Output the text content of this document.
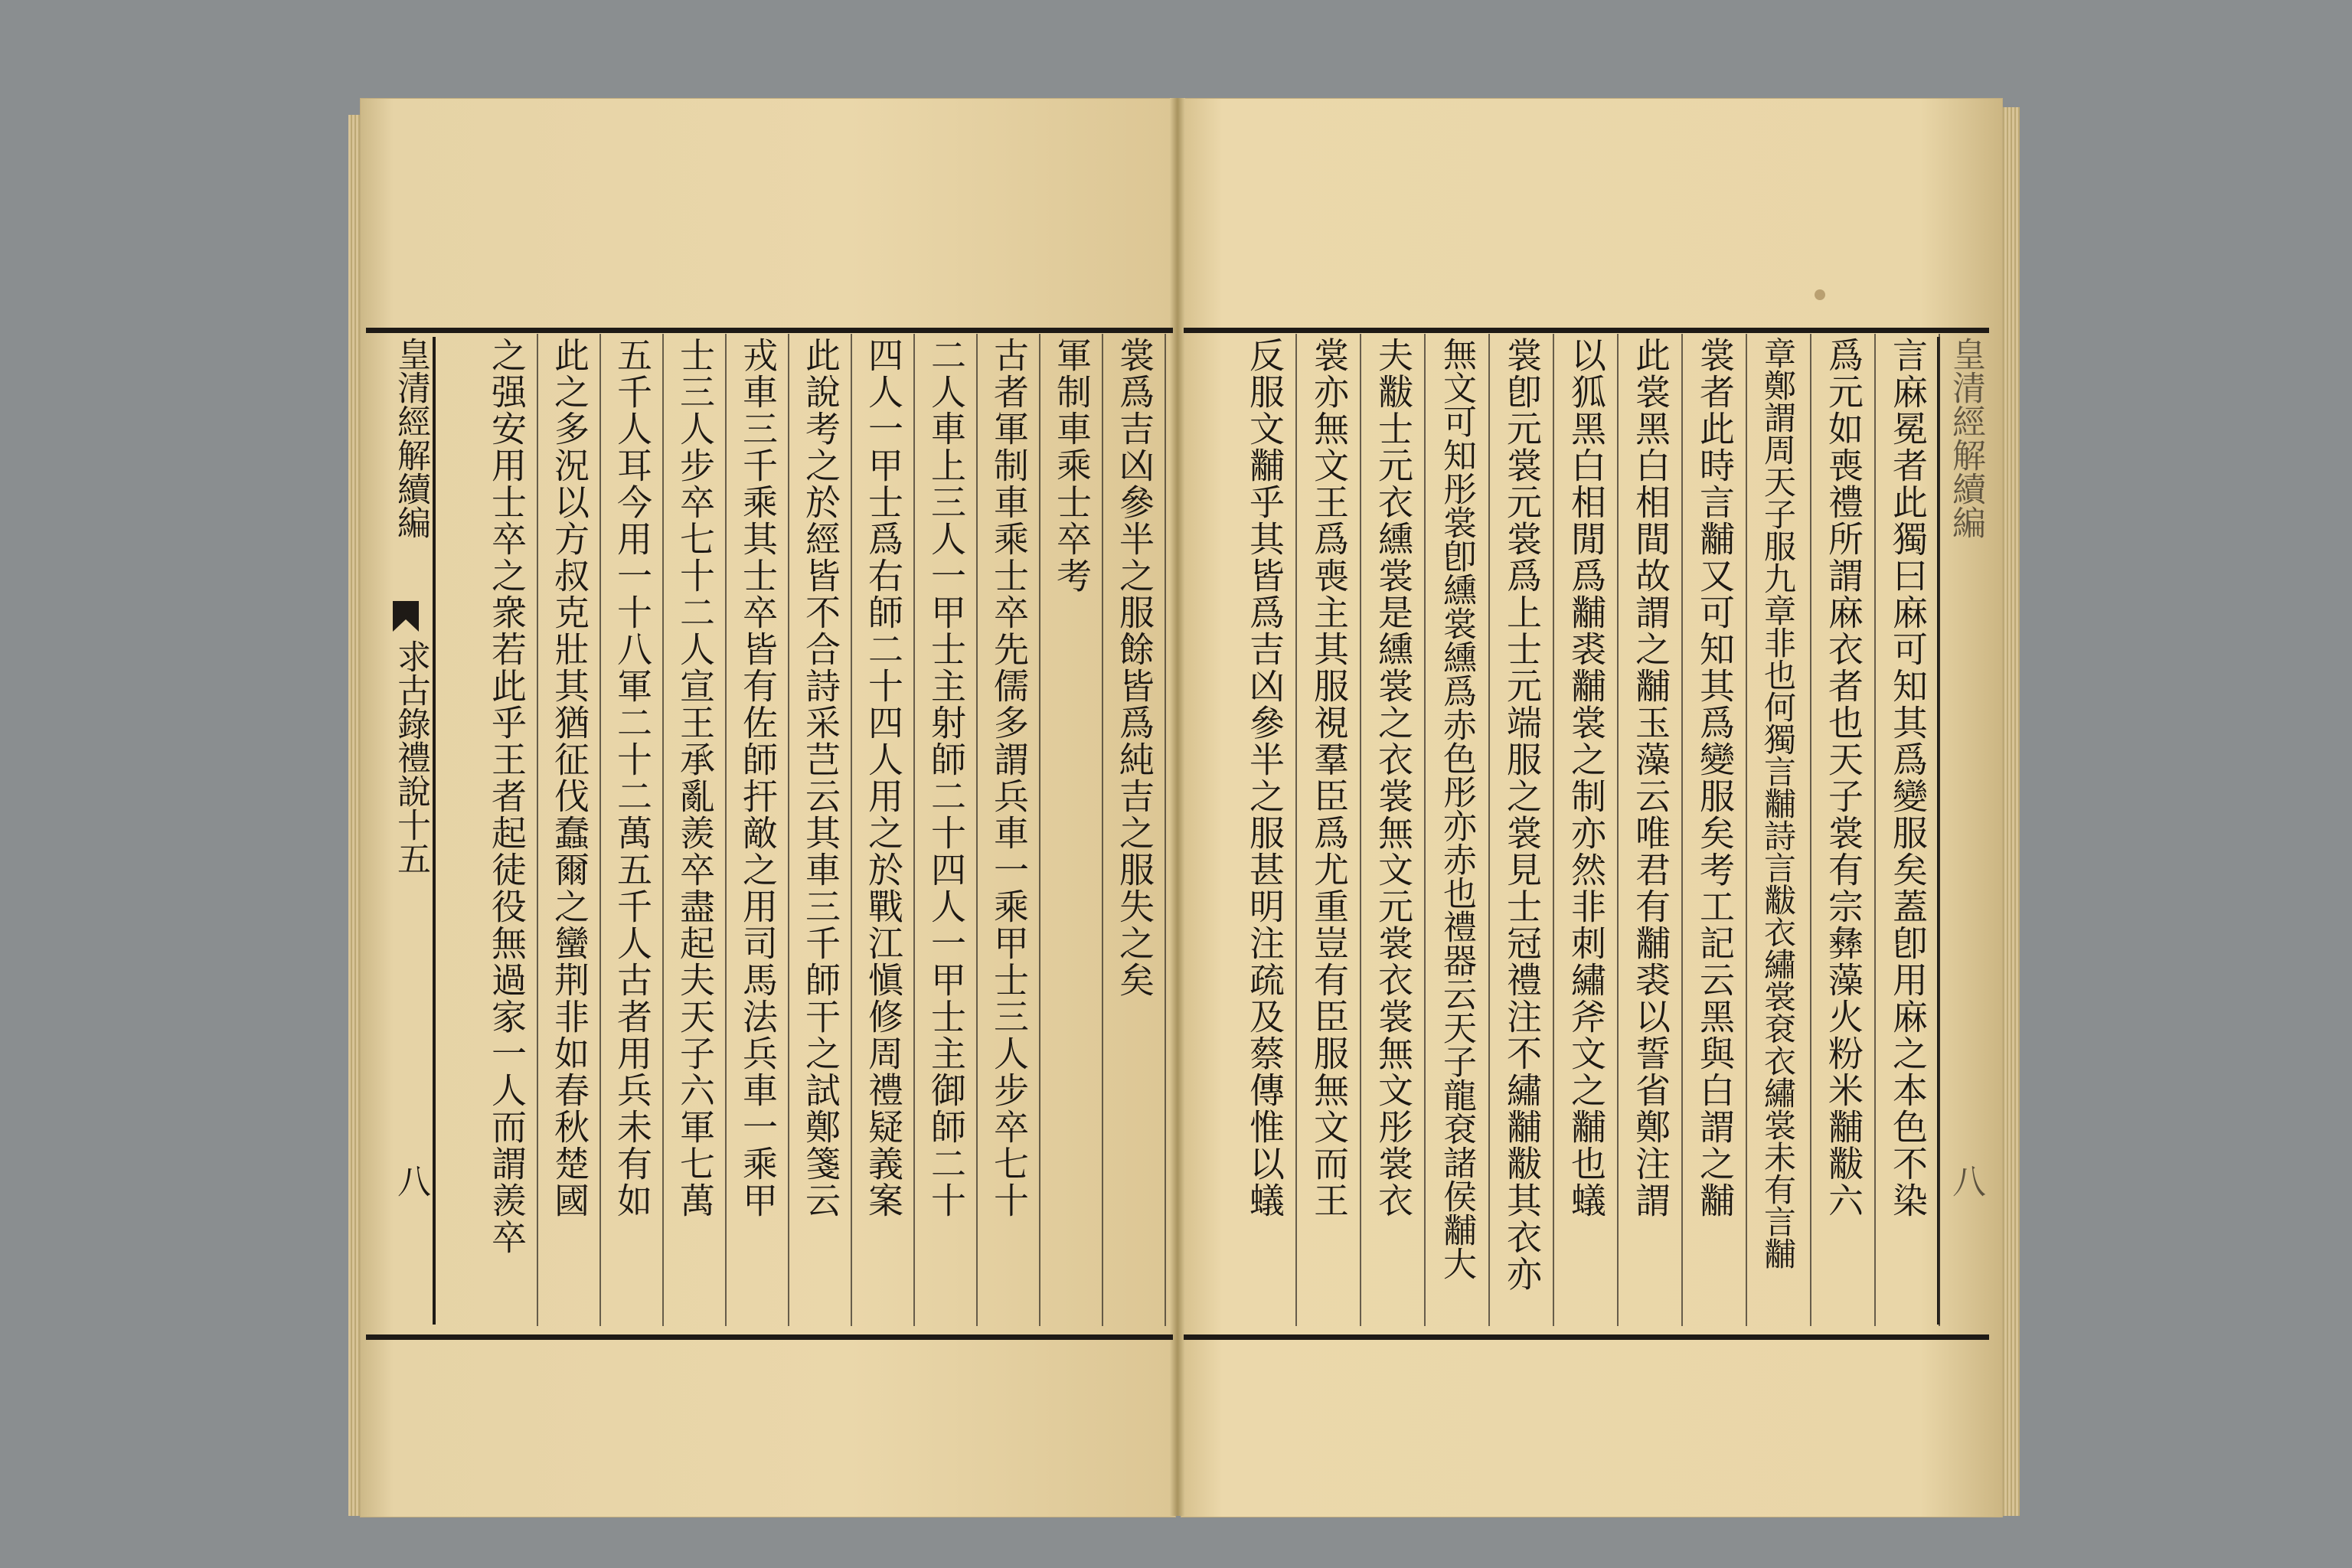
皇清經解續編
求古錄禮說十五
八
皇清經解續編
八
裳爲吉凶參半之服餘皆爲純吉之服失之矣
軍制車乘士卒考
古者軍制車乘士卒先儒多謂兵車一乘甲士三人步卒七十
二人車上三人一甲士主射師二十四人一甲士主御師二十
四人一甲士爲右師二十四人用之於戰江愼修周禮疑義案
此說考之於經皆不合詩采芑云其車三千師干之試鄭箋云
戎車三千乘其士卒皆有佐師扞敵之用司馬法兵車一乘甲
士三人步卒七十二人宣王承亂羨卒盡起夫天子六軍七萬
五千人耳今用一十八軍二十二萬五千人古者用兵未有如
此之多況以方叔克壯其猶征伐蠢爾之蠻荆非如春秋楚國
之强安用士卒之衆若此乎王者起徒役無過家一人而謂羨卒	言麻冕者此獨曰麻可知其爲變服矣蓋卽用麻之本色不染
爲元如喪禮所謂麻衣者也天子裳有宗彝藻火粉米黼黻六
章鄭謂周天子服九章非也何獨言黼詩言黻衣繡裳袞衣繡裳未有言黼
裳者此時言黼又可知其爲變服矣考工記云黑與白謂之黼
此裳黑白相間故謂之黼玉藻云唯君有黼裘以誓省鄭注謂
以狐黑白相閒爲黼裘黼裳之制亦然非刺繡斧文之黼也蟻
裳卽元裳元裳爲上士元端服之裳見士冠禮注不繡黼黻其衣亦
無文可知彤裳卽纁裳纁爲赤色彤亦赤也禮器云天子龍袞諸侯黼大
夫黻士元衣纁裳是纁裳之衣裳無文元裳衣裳無文彤裳衣
裳亦無文王爲喪主其服視羣臣爲尤重豈有臣服無文而王
反服文黼乎其皆爲吉凶參半之服甚明注疏及蔡傳惟以蟻
